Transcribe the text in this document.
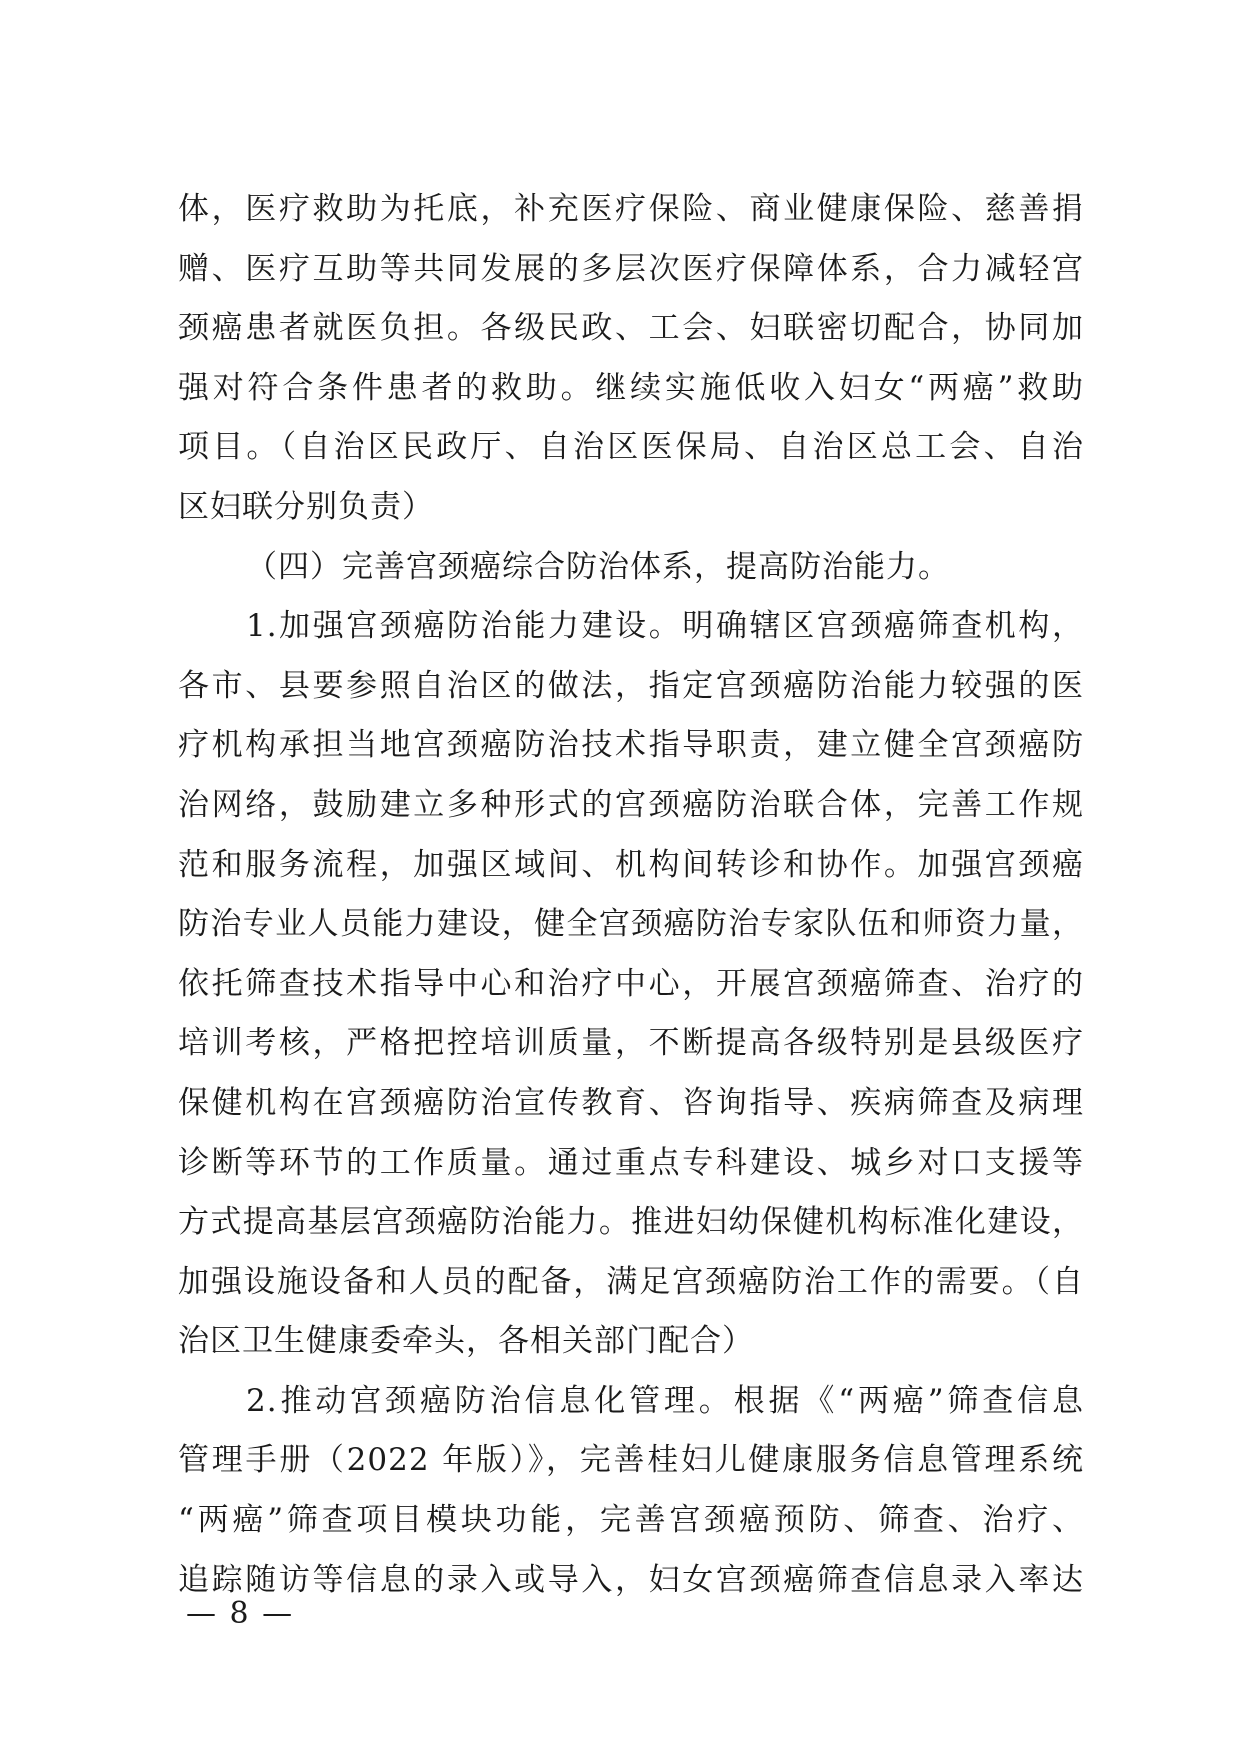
体，医疗救助为托底，补充医疗保险、商业健康保险、慈善捐
赠、医疗互助等共同发展的多层次医疗保障体系，合力减轻宫
颈癌患者就医负担。各级民政、工会、妇联密切配合，协同加
强对符合条件患者的救助。继续实施低收入妇女“两癌”救助
项目。（自治区民政厅、自治区医保局、自治区总工会、自治
区妇联分别负责）
（四）完善宫颈癌综合防治体系，提高防治能力。
1.加强宫颈癌防治能力建设。明确辖区宫颈癌筛查机构，
各市、县要参照自治区的做法，指定宫颈癌防治能力较强的医
疗机构承担当地宫颈癌防治技术指导职责，建立健全宫颈癌防
治网络，鼓励建立多种形式的宫颈癌防治联合体，完善工作规
范和服务流程，加强区域间、机构间转诊和协作。加强宫颈癌
防治专业人员能力建设，健全宫颈癌防治专家队伍和师资力量，
依托筛查技术指导中心和治疗中心，开展宫颈癌筛查、治疗的
培训考核，严格把控培训质量，不断提高各级特别是县级医疗
保健机构在宫颈癌防治宣传教育、咨询指导、疾病筛查及病理
诊断等环节的工作质量。通过重点专科建设、城乡对口支援等
方式提高基层宫颈癌防治能力。推进妇幼保健机构标准化建设，
加强设施设备和人员的配备，满足宫颈癌防治工作的需要。（自
治区卫生健康委牵头，各相关部门配合）
2.推动宫颈癌防治信息化管理。根据《“两癌”筛查信息
管理手册（2022 年版）》，完善桂妇儿健康服务信息管理系统
“两癌”筛查项目模块功能，完善宫颈癌预防、筛查、治疗、
追踪随访等信息的录入或导入，妇女宫颈癌筛查信息录入率达
— 8 —
